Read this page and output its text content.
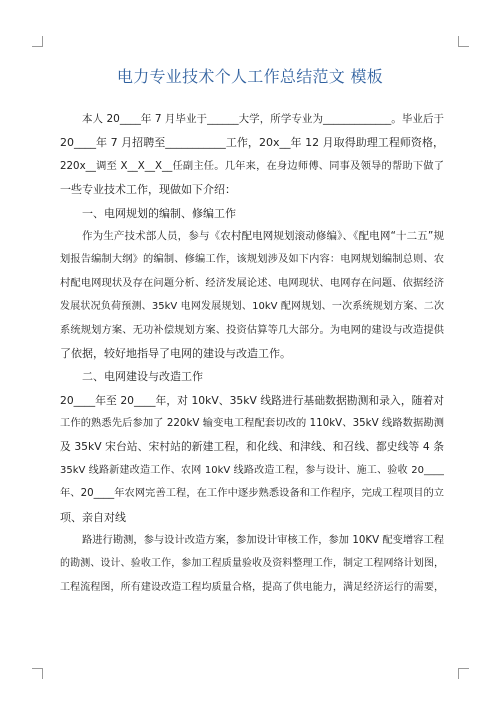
电力专业技术个人工作总结范文 模板
本人 20____年 7 月毕业于______大学，所学专业为_____________。毕业后于
20____年 7 月招聘至___________工作，20x__年 12 月取得助理工程师资格，
220x__调至 X__X__X__任副主任。几年来，在身边师傅、同事及领导的帮助下做了
一些专业技术工作，现做如下介绍：
一、电网规划的编制、修编工作
作为生产技术部人员，参与《农村配电网规划滚动修编》、《配电网“十二五”规
划报告编制大纲》的编制、修编工作，该规划涉及如下内容：电网规划编制总则、农
村配电网现状及存在问题分析、经济发展论述、电网现状、电网存在问题、依据经济
发展状况负荷预测、35kV 电网发展规划、10kV 配网规划、一次系统规划方案、二次
系统规划方案、无功补偿规划方案、投资估算等几大部分。为电网的建设与改造提供
了依据，较好地指导了电网的建设与改造工作。
二、电网建设与改造工作
20____年至 20____年，对 10kV、35kV 线路进行基础数据勘测和录入，随着对
工作的熟悉先后参加了 220kV 输变电工程配套切改的 110kV、35kV 线路数据勘测
及 35kV 宋台站、宋村站的新建工程，和化线、和津线、和召线、都史线等 4 条
35kV 线路新建改造工作、农网 10kV 线路改造工程，参与设计、施工、验收 20____
年、20____年农网完善工程，在工作中逐步熟悉设备和工作程序，完成工程项目的立
项、亲自对线
路进行勘测，参与设计改造方案，参加设计审核工作，参加 10KV 配变增容工程
的勘测、设计、验收工作，参加工程质量验收及资料整理工作，制定工程网络计划图，
工程流程图，所有建设改造工程均质量合格，提高了供电能力，满足经济运行的需要，
